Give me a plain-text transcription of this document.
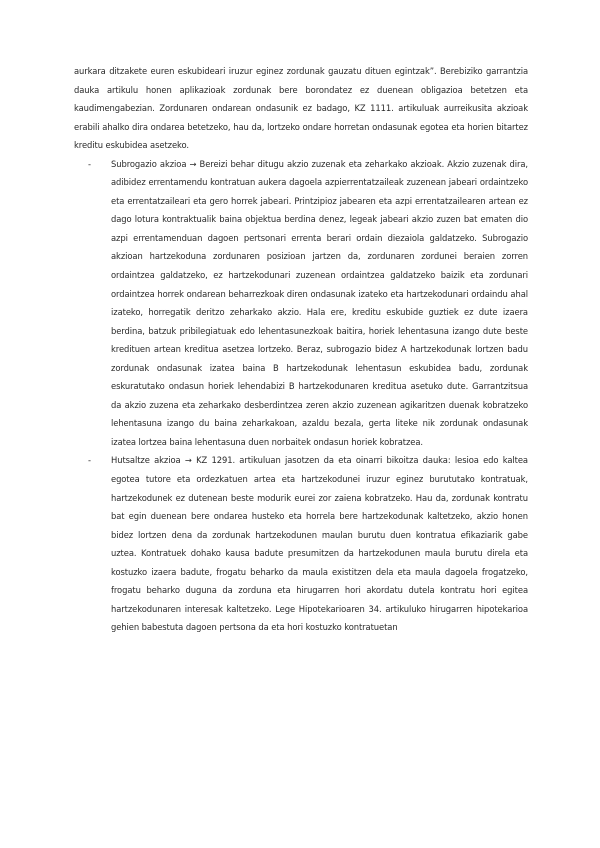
aurkara ditzakete euren eskubideari iruzur eginez zordunak gauzatu dituen egintzak”. Berebiziko garrantzia dauka artikulu honen aplikazioak zordunak bere borondatez ez duenean obligazioa betetzen eta kaudimengabezian. Zordunaren ondarean ondasunik ez badago, KZ 1111. artikuluak aurreikusita akzioak erabili ahalko dira ondarea betetzeko, hau da, lortzeko ondare horretan ondasunak egotea eta horien bitartez kreditu eskubidea asetzeko.

- Subrogazio akzioa → Bereizi behar ditugu akzio zuzenak eta zeharkako akzioak. Akzio zuzenak dira, adibidez errentamendu kontratuan aukera dagoela azpierrentatzaileak zuzenean jabeari ordaintzeko eta errentatzaileari eta gero horrek jabeari. Printzipioz jabearen eta azpi errentatzailearen artean ez dago lotura kontraktualik baina objektua berdina denez, legeak jabeari akzio zuzen bat ematen dio azpi errentamenduan dagoen pertsonari errenta berari ordain diezaiola galdatzeko. Subrogazio akzioan hartzekoduna zordunaren posizioan jartzen da, zordunaren zordunei beraien zorren ordaintzea galdatzeko, ez hartzekodunari zuzenean ordaintzea galdatzeko baizik eta zordunari ordaintzea horrek ondarean beharrezkoak diren ondasunak izateko eta hartzekodunari ordaindu ahal izateko, horregatik deritzo zeharkako akzio. Hala ere, kreditu eskubide guztiek ez dute izaera berdina, batzuk pribilegiatuak edo lehentasunezkoak baitira, horiek lehentasuna izango dute beste kredituen artean kreditua asetzea lortzeko. Beraz, subrogazio bidez A hartzekodunak lortzen badu zordunak ondasunak izatea baina B hartzekodunak lehentasun eskubidea badu, zordunak eskuratutako ondasun horiek lehendabizi B hartzekodunaren kreditua asetuko dute. Garrantzitsua da akzio zuzena eta zeharkako desberdintzea zeren akzio zuzenean agikaritzen duenak kobratzeko lehentasuna izango du baina zeharkakoan, azaldu bezala, gerta liteke nik zordunak ondasunak izatea lortzea baina lehentasuna duen norbaitek ondasun horiek kobratzea.
- Hutsaltze akzioa → KZ 1291. artikuluan jasotzen da eta oinarri bikoitza dauka: lesioa edo kaltea egotea tutore eta ordezkatuen artea eta hartzekodunei iruzur eginez burututako kontratuak, hartzekodunek ez dutenean beste modurik eurei zor zaiena kobratzeko. Hau da, zordunak kontratu bat egin duenean bere ondarea husteko eta horrela bere hartzekodunak kaltetzeko, akzio honen bidez lortzen dena da zordunak hartzekodunen maulan burutu duen kontratua efikaziarik gabe uztea. Kontratuek dohako kausa badute presumitzen da hartzekodunen maula burutu direla eta kostuzko izaera badute, frogatu beharko da maula existitzen dela eta maula dagoela frogatzeko, frogatu beharko duguna da zorduna eta hirugarren hori akordatu dutela kontratu hori egitea hartzekodunaren interesak kaltetzeko. Lege Hipotekarioaren 34. artikuluko hirugarren hipotekarioa gehien babestuta dagoen pertsona da eta hori kostuzko kontratuetan
